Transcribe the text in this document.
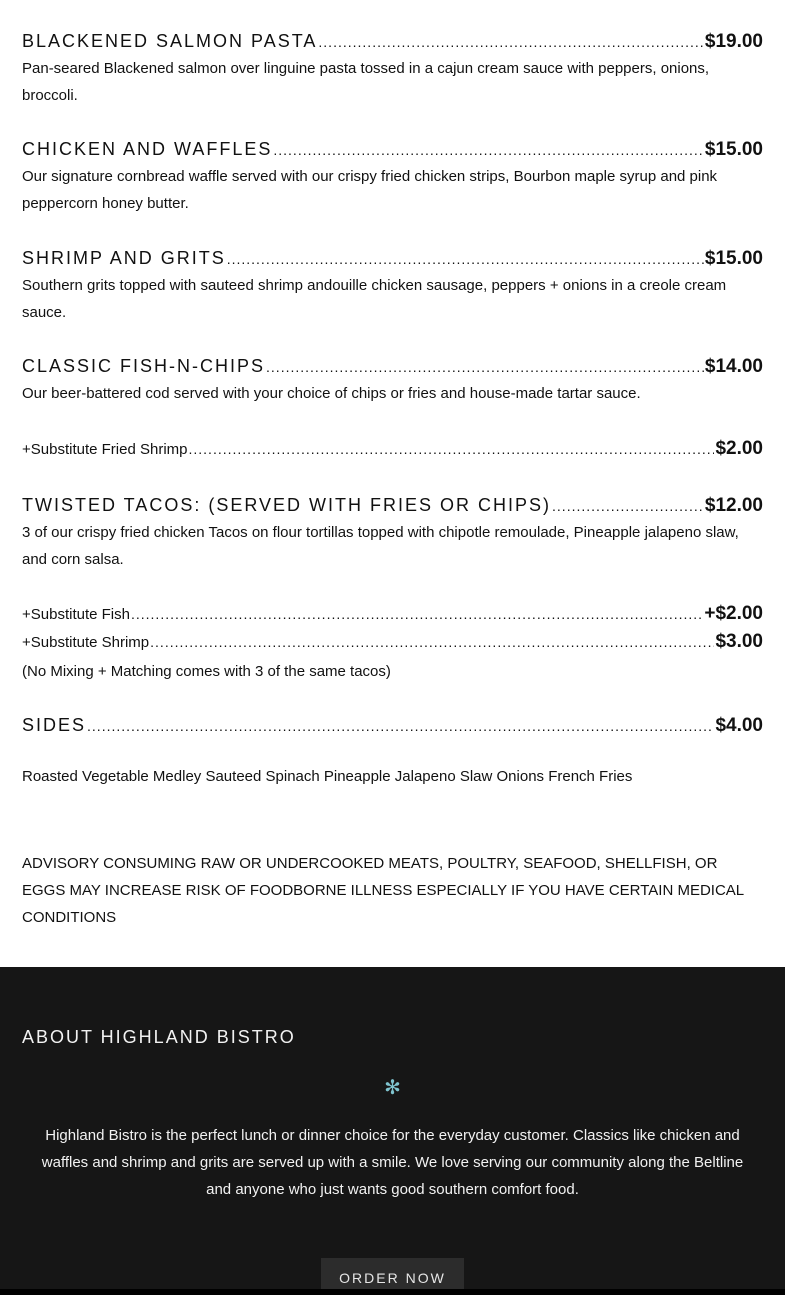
BLACKENED SALMON PASTA .....	$19.00
Pan-seared Blackened salmon over linguine pasta tossed in a cajun cream sauce with peppers, onions, broccoli.
CHICKEN AND WAFFLES .....	$15.00
Our signature cornbread waffle served with our crispy fried chicken strips, Bourbon maple syrup and pink peppercorn honey butter.
SHRIMP AND GRITS .....	$15.00
Southern grits topped with sauteed shrimp andouille chicken sausage, peppers + onions in a creole cream sauce.
CLASSIC FISH-N-CHIPS .....	$14.00
Our beer-battered cod served with your choice of chips or fries and house-made tartar sauce.
+Substitute Fried Shrimp .....	$2.00
TWISTED TACOS: (SERVED WITH FRIES OR CHIPS) .....	$12.00
3 of our crispy fried chicken Tacos on flour tortillas topped with chipotle remoulade, Pineapple jalapeno slaw, and corn salsa.
+Substitute Fish .....	+$2.00
+Substitute Shrimp .....	$3.00
(No Mixing + Matching comes with 3 of the same tacos)
SIDES .....	$4.00
Roasted Vegetable Medley Sauteed Spinach Pineapple Jalapeno Slaw Onions French Fries
ADVISORY CONSUMING RAW OR UNDERCOOKED MEATS, POULTRY, SEAFOOD, SHELLFISH, OR EGGS MAY INCREASE RISK OF FOODBORNE ILLNESS ESPECIALLY IF YOU HAVE CERTAIN MEDICAL CONDITIONS
ABOUT HIGHLAND BISTRO
✻
Highland Bistro is the perfect lunch or dinner choice for the everyday customer. Classics like chicken and waffles and shrimp and grits are served up with a smile. We love serving our community along the Beltline and anyone who just wants good southern comfort food.
ORDER NOW
